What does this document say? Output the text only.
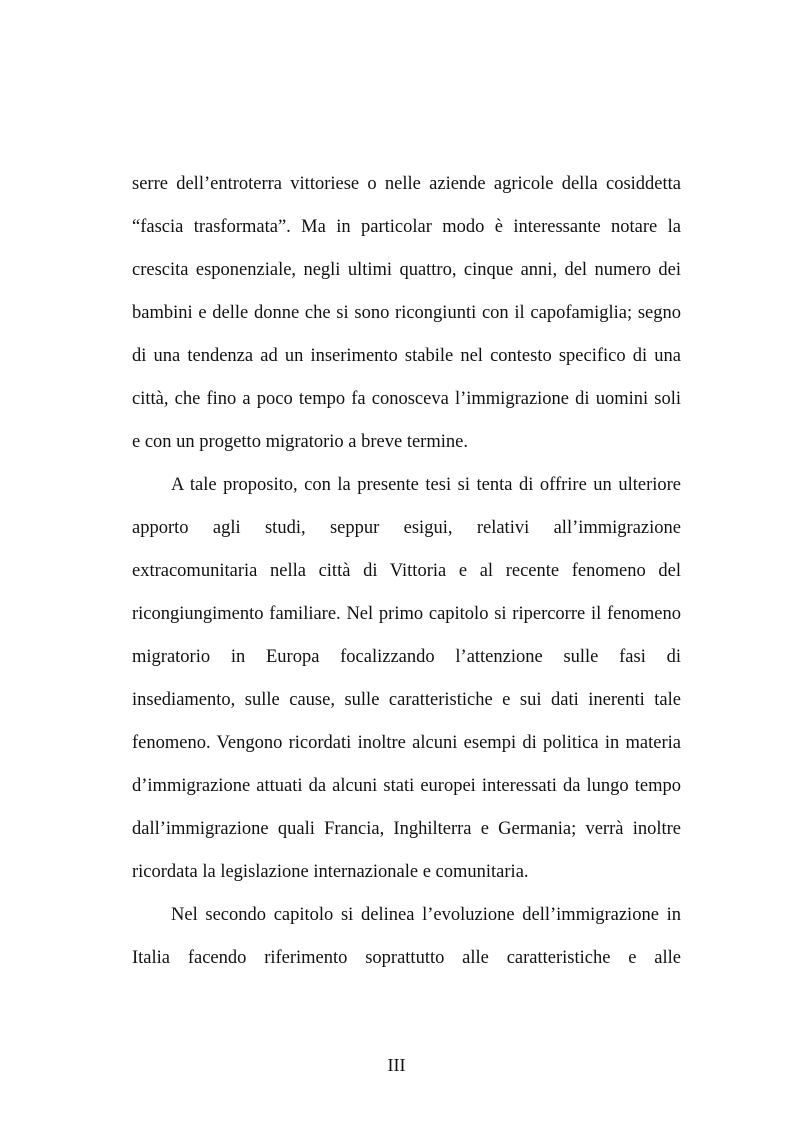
serre dell’entroterra vittoriese o nelle aziende agricole della cosiddetta
“fascia trasformata”. Ma in particolar modo è interessante notare la
crescita esponenziale, negli ultimi quattro, cinque anni, del numero dei
bambini e delle donne che si sono ricongiunti con il capofamiglia; segno
di una tendenza ad un inserimento stabile nel contesto specifico di una
città, che fino a poco tempo fa conosceva l’immigrazione di uomini soli
e con un progetto migratorio a breve termine.
A tale proposito, con la presente tesi si tenta di offrire un ulteriore
apporto agli studi, seppur esigui, relativi all’immigrazione
extracomunitaria nella città di Vittoria e al recente fenomeno del
ricongiungimento familiare. Nel primo capitolo si ripercorre il fenomeno
migratorio in Europa focalizzando l’attenzione sulle fasi di
insediamento, sulle cause, sulle caratteristiche e sui dati inerenti tale
fenomeno. Vengono ricordati inoltre alcuni esempi di politica in materia
d’immigrazione attuati da alcuni stati europei interessati da lungo tempo
dall’immigrazione quali Francia, Inghilterra e Germania; verrà inoltre
ricordata la legislazione internazionale e comunitaria.
Nel secondo capitolo si delinea l’evoluzione dell’immigrazione in
Italia facendo riferimento soprattutto alle caratteristiche e alle
III
